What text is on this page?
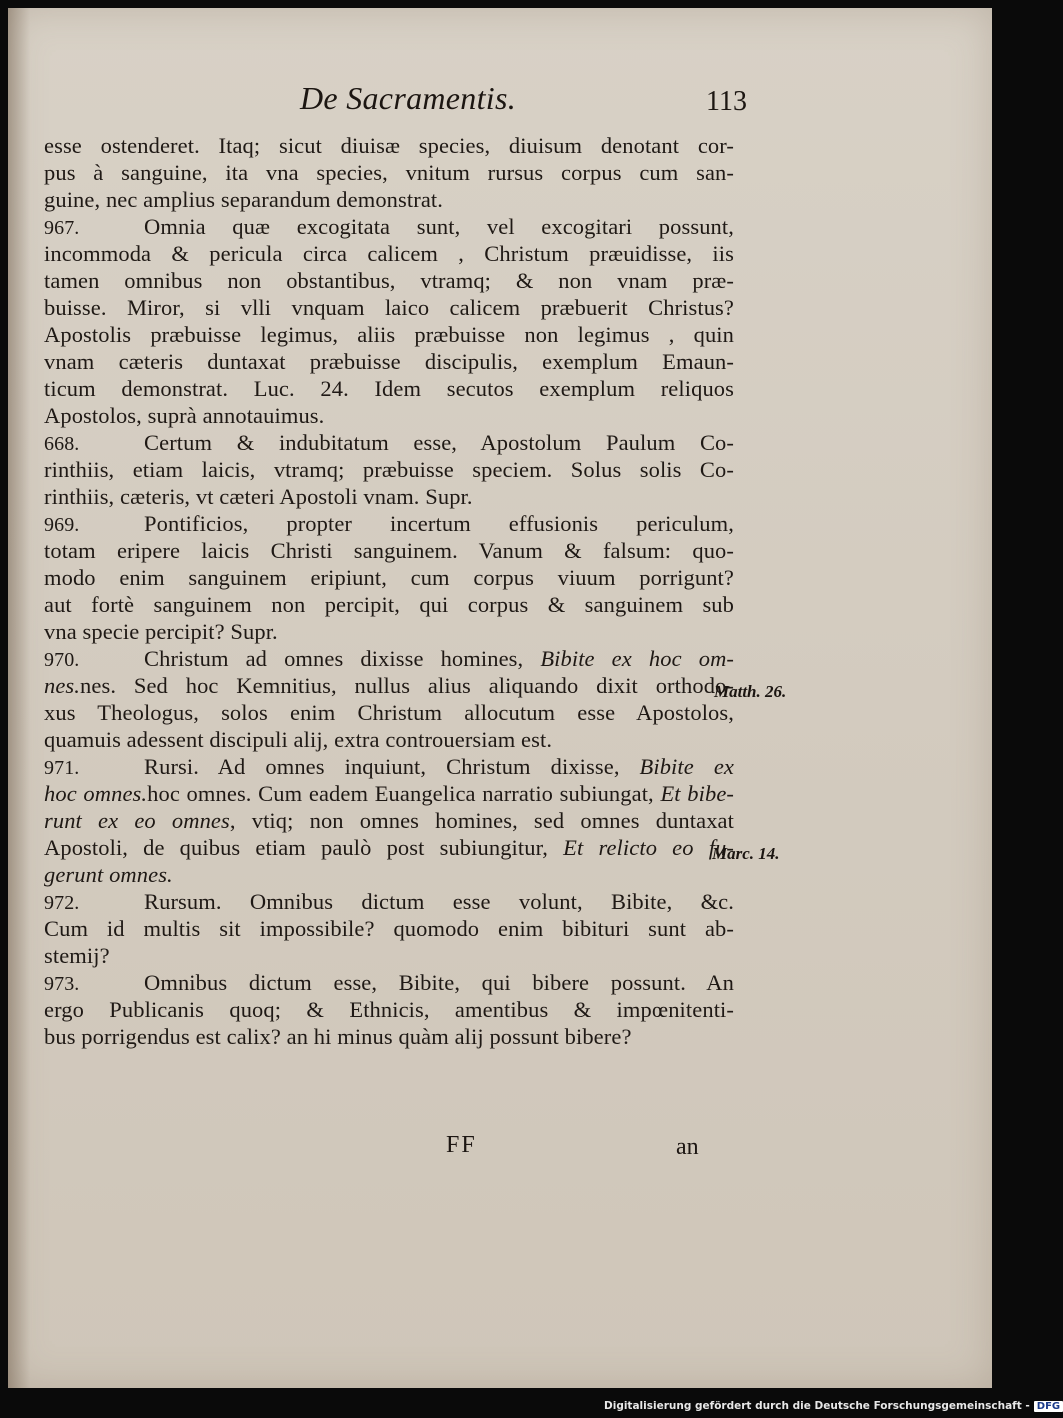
De Sacramentis.	113
esse ostenderet. Itaq; sicut diuisæ species, diuisum denotant cor-
pus à sanguine, ita vna species, vnitum rursus corpus cum san-
guine, nec amplius separandum demonstrat.
967.	Omnia quæ excogitata sunt, vel excogitari possunt,
incommoda & pericula circa calicem , Christum præuidisse, iis
tamen omnibus non obstantibus, vtramq; & non vnam præ-
buisse. Miror, si vlli vnquam laico calicem præbuerit Christus?
Apostolis præbuisse legimus, aliis præbuisse non legimus , quin
vnam cæteris duntaxat præbuisse discipulis, exemplum Emaun-
ticum demonstrat. Luc. 24. Idem secutos exemplum reliquos
Apostolos, suprà annotauimus.
668.	Certum & indubitatum esse, Apostolum Paulum Co-
rinthiis, etiam laicis, vtramq; præbuisse speciem. Solus solis Co-
rinthiis, cæteris, vt cæteri Apostoli vnam. Supr.
969.	Pontificios, propter incertum effusionis periculum,
totam eripere laicis Christi sanguinem. Vanum & falsum: quo-
modo enim sanguinem eripiunt, cum corpus viuum porrigunt?
aut fortè sanguinem non percipit, qui corpus & sanguinem sub
vna specie percipit? Supr.
970.	Christum ad omnes dixisse homines, Bibite ex hoc om-
nes.nes. Sed hoc Kemnitius, nullus alius aliquando dixit orthodo-
xus Theologus, solos enim Christum allocutum esse Apostolos,
quamuis adessent discipuli alij, extra controuersiam est.
971.	Rursi. Ad omnes inquiunt, Christum dixisse, Bibite ex
hoc omnes.hoc omnes. Cum eadem Euangelica narratio subiungat, Et bibe-
runt ex eo omnes, vtiq; non omnes homines, sed omnes duntaxat
Apostoli, de quibus etiam paulò post subiungitur, Et relicto eo fu-
gerunt omnes.
972.	Rursum. Omnibus dictum esse volunt, Bibite, &c.
Cum id multis sit impossibile? quomodo enim bibituri sunt ab-
stemij?
973.	Omnibus dictum esse, Bibite, qui bibere possunt. An
ergo Publicanis quoq; & Ethnicis, amentibus & impœnitenti-
bus porrigendus est calix? an hi minus quàm alij possunt bibere?
Matth. 26.
Marc. 14.
FF	an
Digitalisierung gefördert durch die Deutsche Forschungsgemeinschaft - DFG
